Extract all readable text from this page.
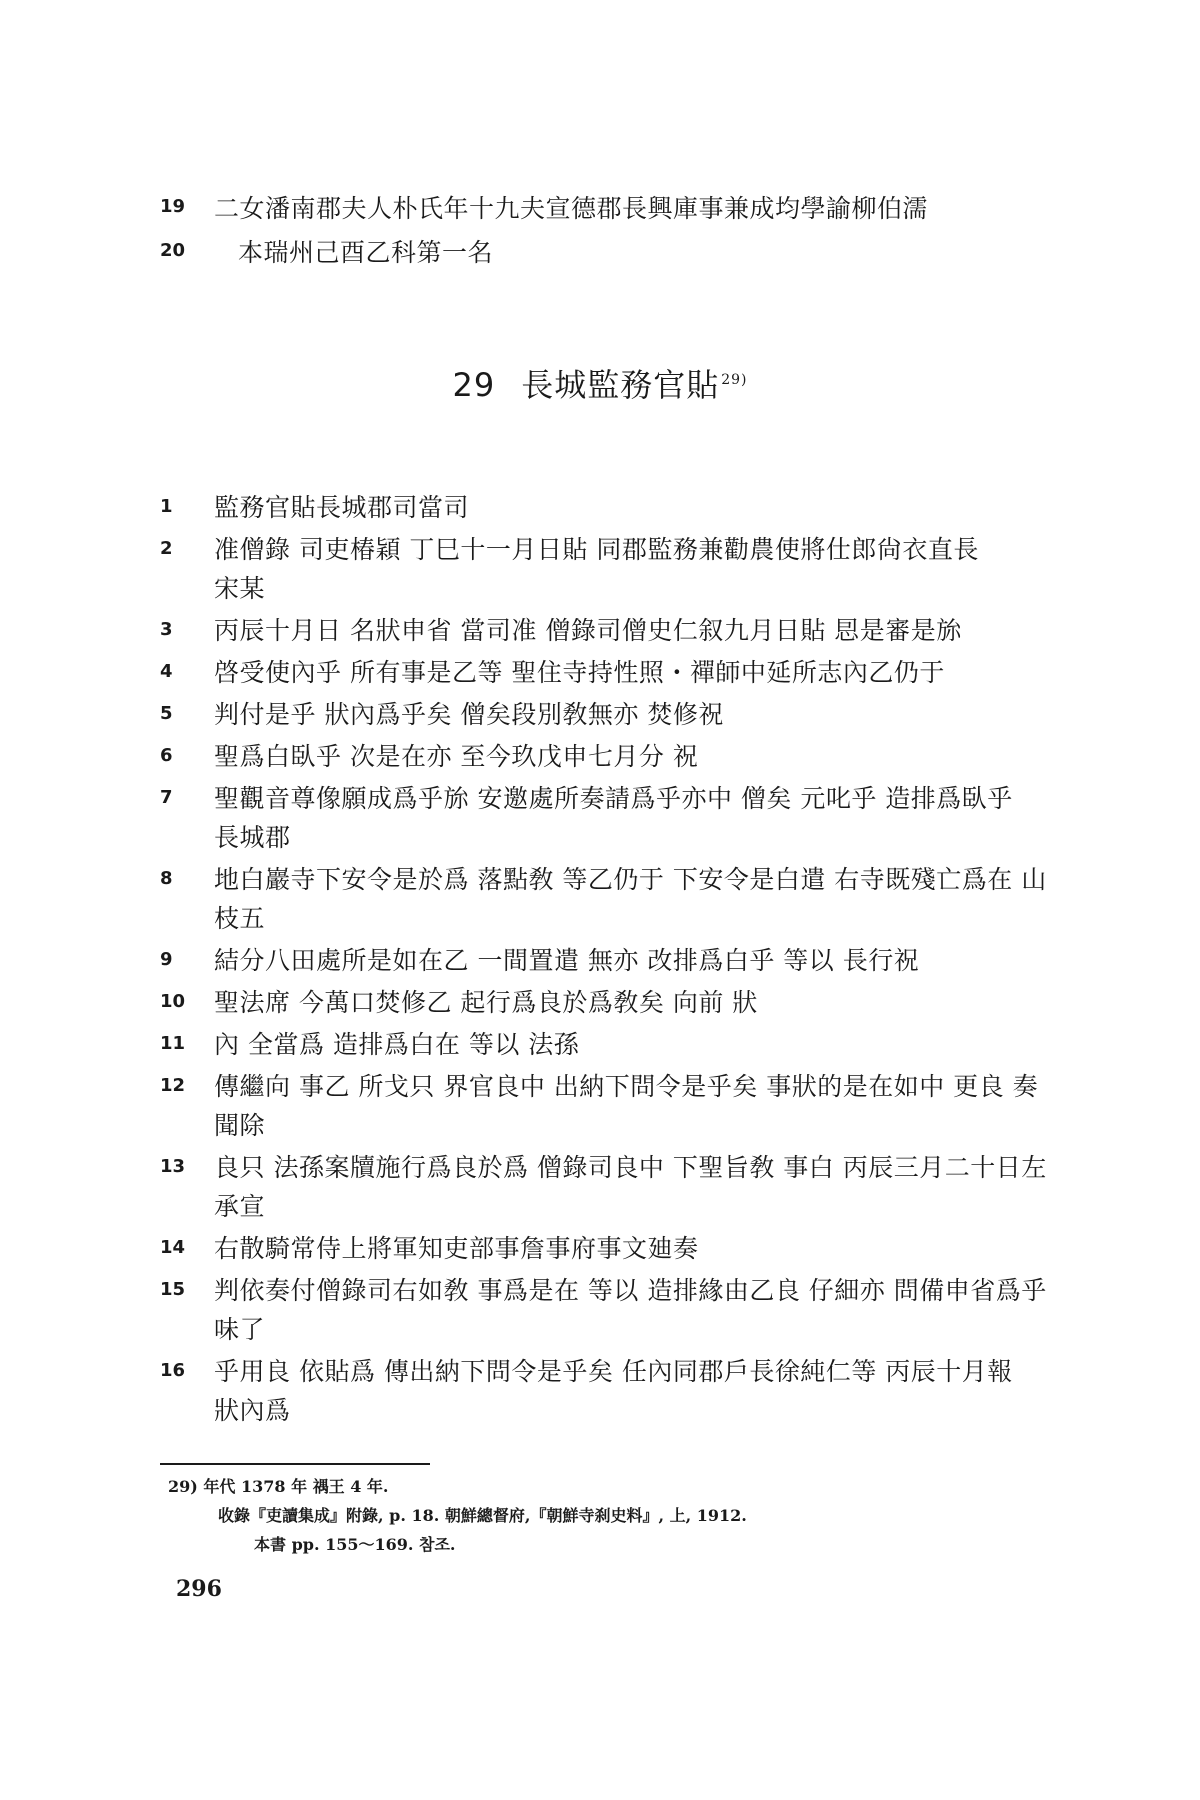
19	二女潘南郡夫人朴氏年十九夫宣德郡長興庫事兼成均學諭柳伯濡
20	本瑞州己酉乙科第一名
29 長城監務官貼 $^{29)}$
1	監務官貼長城郡司當司
2	准僧錄 司吏椿穎 丁巳十一月日貼 同郡監務兼勸農使將仕郎尙衣直長
宋某
3	丙辰十月日 名狀申省 當司准 僧錄司僧史仁叙九月日貼 㤙是審是旀
4	啓受使內乎 所有事是乙等 聖住寺持性照・禪師中延所志內乙仍于
5	判付是乎 狀內爲乎矣 僧矣段別敎無亦 焚修祝
6	聖爲白臥乎 次是在亦 至今玖戊申七月分 祝
7	聖觀音尊像願成爲乎旀 安邀處所奏請爲乎亦中 僧矣 元叱乎 造排爲臥乎
長城郡
8	地白巖寺下安令是於爲 落點敎 等乙仍于 下安令是白遣 右寺既殘亡爲在 山
枝五
9	結分八田處所是如在乙 一間置遣 無亦 改排爲白乎 等以 長行祝
10	聖法席 今萬口焚修乙 起行爲良於爲敎矣 向前 狀
11	內 全當爲 造排爲白在 等以 法孫
12	傳繼向 事乙 所戈只 界官良中 出納下問令是乎矣 事狀的是在如中 更良 奏
聞除
13	良只 法孫案牘施行爲良於爲 僧錄司良中 下聖旨敎 事白 丙辰三月二十日左
承宣
14	右散騎常侍上將軍知吏部事詹事府事文廸奏
15	判依奏付僧錄司右如敎 事爲是在 等以 造排緣由乙良 仔細亦 問備申省爲乎
味了
16	乎用良 依貼爲 傳出納下問令是乎矣 任內同郡戶長徐純仁等 丙辰十月報
狀內爲
29) 年代 1378 年 禑王 4 年.
收錄『吏讀集成』附錄, p. 18. 朝鮮總督府,『朝鮮寺刹史料』, 上, 1912.
本書 pp. 155～169. 참조.
296
